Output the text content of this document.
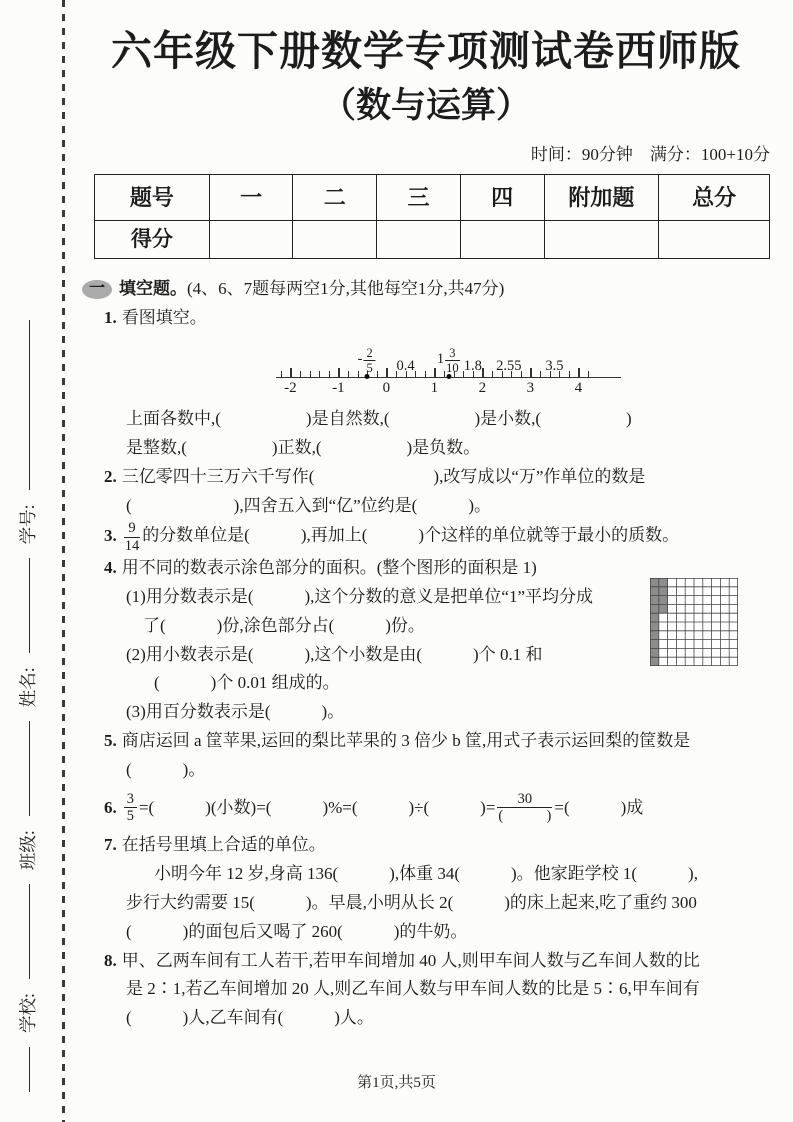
学校:
班级:
姓名:
学号:
六年级下册数学专项测试卷西师版
（数与运算）
时间：90分钟　满分：100+10分
题号	一	二	三	四	附加题	总分
得分						
一 填空题。 (4、6、7题每两空1分,其他每空1分,共47分)
1. 看图填空。
-2 -1	0	1	2	3	4
- $\frac{2}{5} 0.4$ $1 \frac{3}{10} 1.8$ 2.55 3.5
上面各数中,(　　　　　)是自然数,(　　　　　)是小数,(　　　　　)
是整数,(　　　　　)正数,(　　　　　)是负数。
2. 三亿零四十三万六千写作(　　　　　　　),改写成以“万”作单位的数是
(　　　　　　),四舍五入到“亿”位约是(　　　)。
3. $\frac{9}{14}$ 的分数单位是(　　　),再加上(　　　)个这样的单位就等于最小的质数。
4. 用不同的数表示涂色部分的面积。(整个图形的面积是 1)
(1)用分数表示是(　　　),这个分数的意义是把单位“1”平均分成
了(　　　)份,涂色部分占(　　　)份。
(2)用小数表示是(　　　),这个小数是由(　　　)个 0.1 和
(　　　)个 0.01 组成的。
(3)用百分数表示是(　　　)。
5. 商店运回 a 筐苹果,运回的梨比苹果的 3 倍少 b 筐,用式子表示运回梨的筐数是
(　　　)。
6. $\frac{3}{5}$ =(　　　)(小数)=(　　　)%=(　　　)÷(　　　)= $\frac{30}{( )}$ =(　　　)成
7. 在括号里填上合适的单位。
小明今年 12 岁,身高 136(　　　),体重 34(　　　)。他家距学校 1(　　　),
步行大约需要 15(　　　)。早晨,小明从长 2(　　　)的床上起来,吃了重约 300
(　　　)的面包后又喝了 260(　　　)的牛奶。
8. 甲、乙两车间有工人若干,若甲车间增加 40 人,则甲车间人数与乙车间人数的比
是 2∶1,若乙车间增加 20 人,则乙车间人数与甲车间人数的比是 5∶6,甲车间有
(　　　)人,乙车间有(　　　)人。
第1页,共5页
